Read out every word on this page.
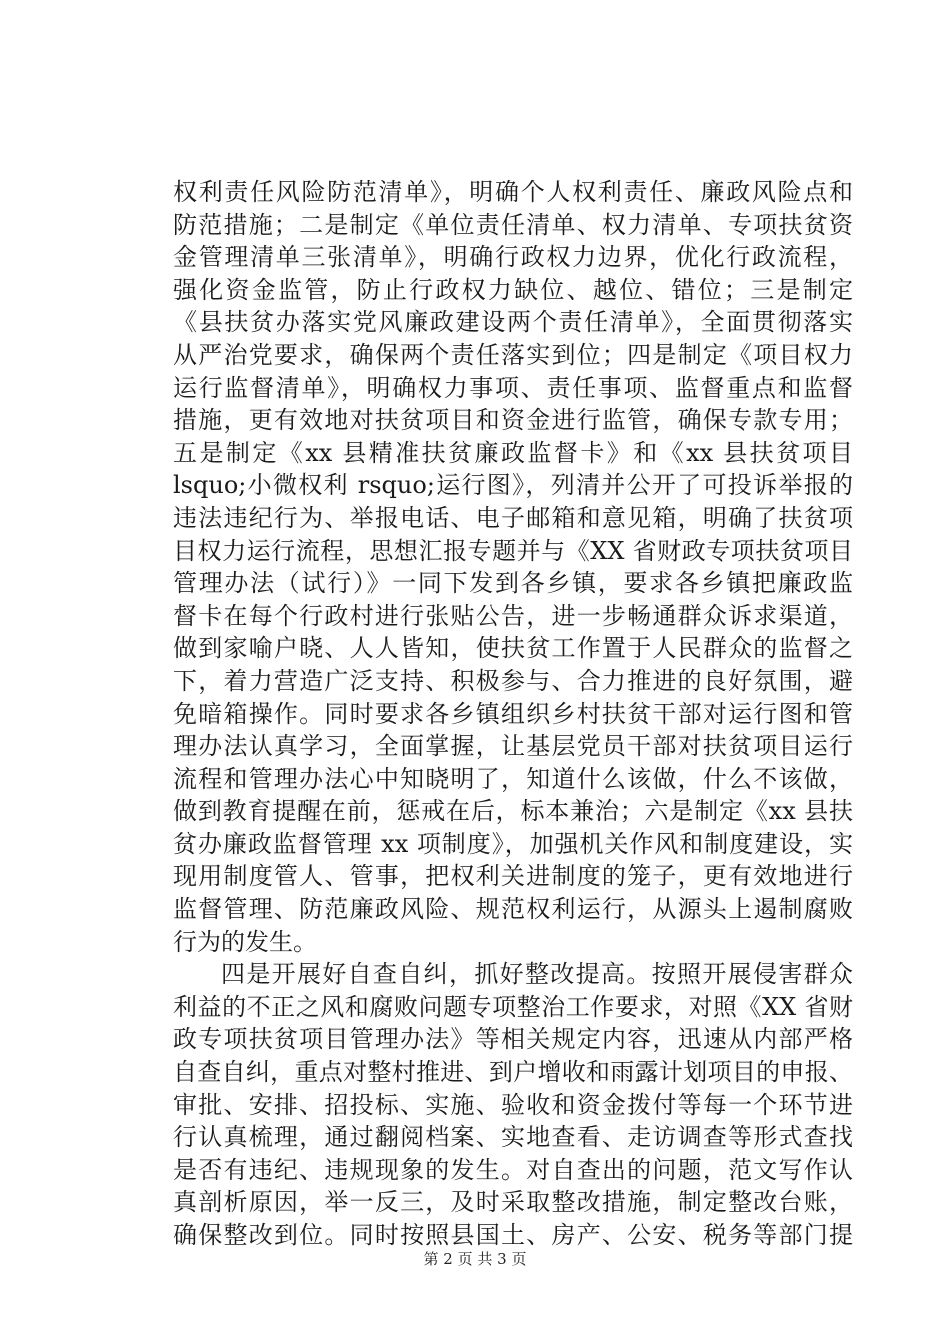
权利责任风险防范清单》，明确个人权利责任、廉政风险点和
防范措施；二是制定《单位责任清单、权力清单、专项扶贫资
金管理清单三张清单》，明确行政权力边界，优化行政流程，
强化资金监管，防止行政权力缺位、越位、错位；三是制定
《县扶贫办落实党风廉政建设两个责任清单》，全面贯彻落实
从严治党要求，确保两个责任落实到位；四是制定《项目权力
运行监督清单》，明确权力事项、责任事项、监督重点和监督
措施，更有效地对扶贫项目和资金进行监管，确保专款专用；
五是制定《xx 县精准扶贫廉政监督卡》和《xx 县扶贫项目
lsquo;小微权利 rsquo;运行图》，列清并公开了可投诉举报的
违法违纪行为、举报电话、电子邮箱和意见箱，明确了扶贫项
目权力运行流程，思想汇报专题并与《XX 省财政专项扶贫项目
管理办法（试行）》一同下发到各乡镇，要求各乡镇把廉政监
督卡在每个行政村进行张贴公告，进一步畅通群众诉求渠道，
做到家喻户晓、人人皆知，使扶贫工作置于人民群众的监督之
下，着力营造广泛支持、积极参与、合力推进的良好氛围，避
免暗箱操作。同时要求各乡镇组织乡村扶贫干部对运行图和管
理办法认真学习，全面掌握，让基层党员干部对扶贫项目运行
流程和管理办法心中知晓明了，知道什么该做，什么不该做，
做到教育提醒在前，惩戒在后，标本兼治；六是制定《xx 县扶
贫办廉政监督管理 xx 项制度》，加强机关作风和制度建设，实
现用制度管人、管事，把权利关进制度的笼子，更有效地进行
监督管理、防范廉政风险、规范权利运行，从源头上遏制腐败
行为的发生。
四是开展好自查自纠，抓好整改提高。按照开展侵害群众
利益的不正之风和腐败问题专项整治工作要求，对照《XX 省财
政专项扶贫项目管理办法》等相关规定内容，迅速从内部严格
自查自纠，重点对整村推进、到户增收和雨露计划项目的申报、
审批、安排、招投标、实施、验收和资金拨付等每一个环节进
行认真梳理，通过翻阅档案、实地查看、走访调查等形式查找
是否有违纪、违规现象的发生。对自查出的问题，范文写作认
真剖析原因，举一反三，及时采取整改措施，制定整改台账，
确保整改到位。同时按照县国土、房产、公安、税务等部门提
第 2 页 共 3 页
